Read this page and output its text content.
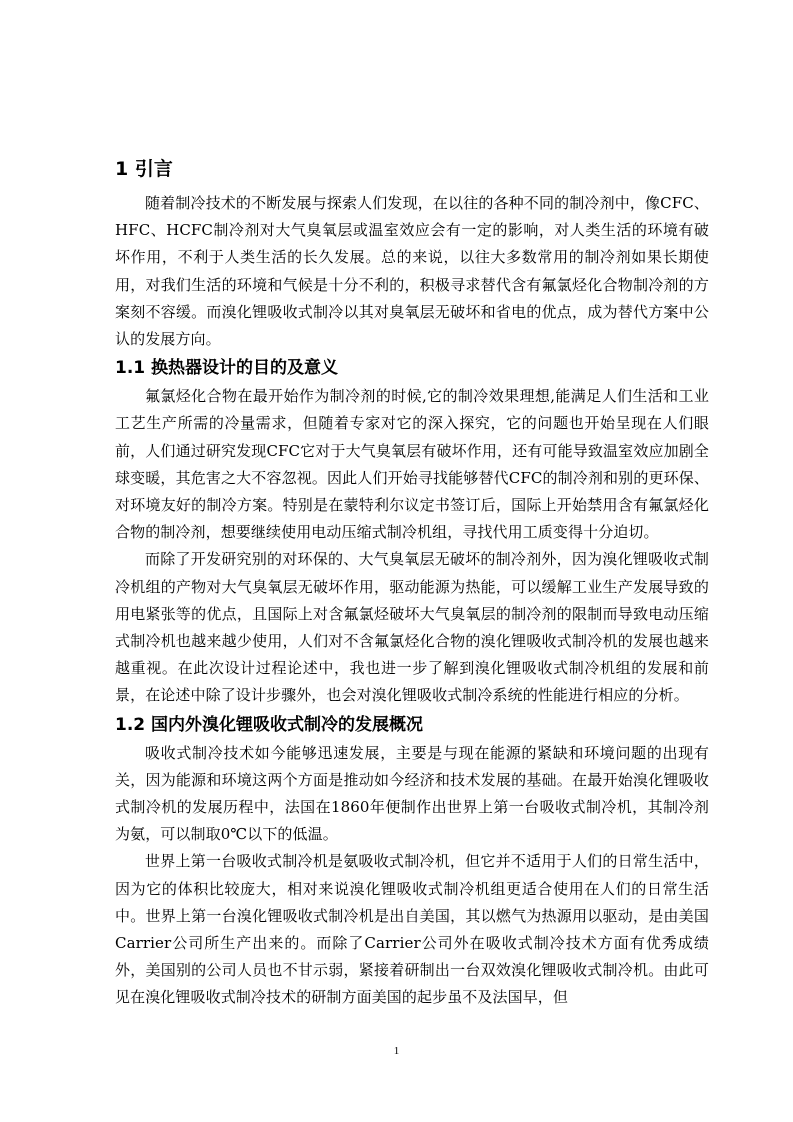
1 引言

随着制冷技术的不断发展与探索人们发现，在以往的各种不同的制冷剂中，像CFC、HFC、HCFC制冷剂对大气臭氧层或温室效应会有一定的影响，对人类生活的环境有破坏作用，不利于人类生活的长久发展。总的来说，以往大多数常用的制冷剂如果长期使用，对我们生活的环境和气候是十分不利的，积极寻求替代含有氟氯烃化合物制冷剂的方案刻不容缓。而溴化锂吸收式制冷以其对臭氧层无破坏和省电的优点，成为替代方案中公认的发展方向。

1.1 换热器设计的目的及意义

氟氯烃化合物在最开始作为制冷剂的时候,它的制冷效果理想,能满足人们生活和工业工艺生产所需的冷量需求，但随着专家对它的深入探究，它的问题也开始呈现在人们眼前，人们通过研究发现CFC它对于大气臭氧层有破坏作用，还有可能导致温室效应加剧全球变暖，其危害之大不容忽视。因此人们开始寻找能够替代CFC的制冷剂和别的更环保、对环境友好的制冷方案。特别是在蒙特利尔议定书签订后，国际上开始禁用含有氟氯烃化合物的制冷剂，想要继续使用电动压缩式制冷机组，寻找代用工质变得十分迫切。

而除了开发研究别的对环保的、大气臭氧层无破坏的制冷剂外，因为溴化锂吸收式制冷机组的产物对大气臭氧层无破坏作用，驱动能源为热能，可以缓解工业生产发展导致的用电紧张等的优点，且国际上对含氟氯烃破坏大气臭氧层的制冷剂的限制而导致电动压缩式制冷机也越来越少使用，人们对不含氟氯烃化合物的溴化锂吸收式制冷机的发展也越来越重视。在此次设计过程论述中，我也进一步了解到溴化锂吸收式制冷机组的发展和前景，在论述中除了设计步骤外，也会对溴化锂吸收式制冷系统的性能进行相应的分析。

1.2 国内外溴化锂吸收式制冷的发展概况

吸收式制冷技术如今能够迅速发展，主要是与现在能源的紧缺和环境问题的出现有关，因为能源和环境这两个方面是推动如今经济和技术发展的基础。在最开始溴化锂吸收式制冷机的发展历程中，法国在1860年便制作出世界上第一台吸收式制冷机，其制冷剂为氨，可以制取0℃以下的低温。

世界上第一台吸收式制冷机是氨吸收式制冷机，但它并不适用于人们的日常生活中，因为它的体积比较庞大，相对来说溴化锂吸收式制冷机组更适合使用在人们的日常生活中。世界上第一台溴化锂吸收式制冷机是出自美国，其以燃气为热源用以驱动，是由美国Carrier公司所生产出来的。而除了Carrier公司外在吸收式制冷技术方面有优秀成绩外，美国别的公司人员也不甘示弱，紧接着研制出一台双效溴化锂吸收式制冷机。由此可见在溴化锂吸收式制冷技术的研制方面美国的起步虽不及法国早，但

1
